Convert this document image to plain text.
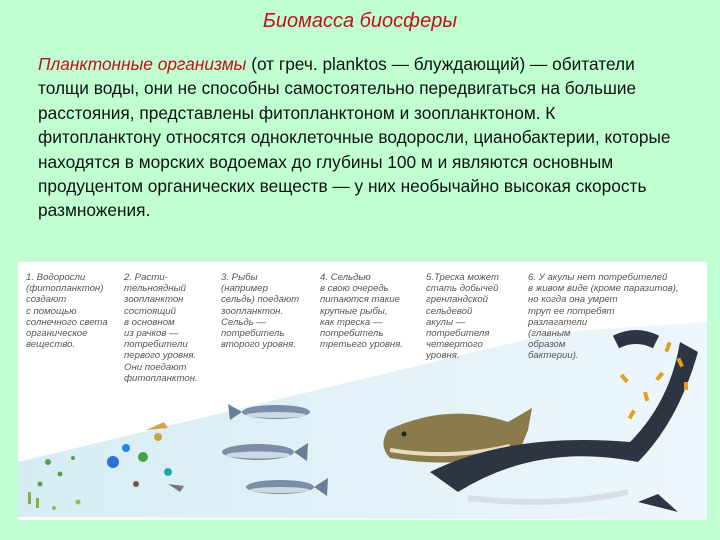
Биомасса биосферы
Планктонные организмы (от греч. planktos — блуждающий) — обитатели толщи воды, они не способны самостоятельно передвигаться на большие расстояния, представлены фитопланктоном и зоопланктоном. К фитопланктону относятся одноклеточные водоросли, цианобактерии, которые находятся в морских водоемах до глубины 100 м и являются основным продуцентом органических веществ — у них необычайно высокая скорость размножения.
1. Водоросли
(фитопланктон)
создают
с помощью
солнечного света
органическое
вещество.
2. Расти-
тельноядный
зоопланктон
состоящий
в основном
из рачков —
потребители
первого уровня.
Они поедают
фитопланктон.
3. Рыбы
(например
сельдь) поедают
зоопланктон.
Сельдь —
потребитель
второго уровня.
4. Сельдью
в свою очередь
питаются такие
крупные рыбы,
как треска —
потребитель
третьего уровня.
5.Треска может
стать добычей
гренландской
сельдевой
акулы —
потребителя
четвертого
уровня.
6. У акулы нет потребителей
в живом виде (кроме паразитов),
но когда она умрет
труп ее потребят
разлагатели
(главным
образом
бактерии).
